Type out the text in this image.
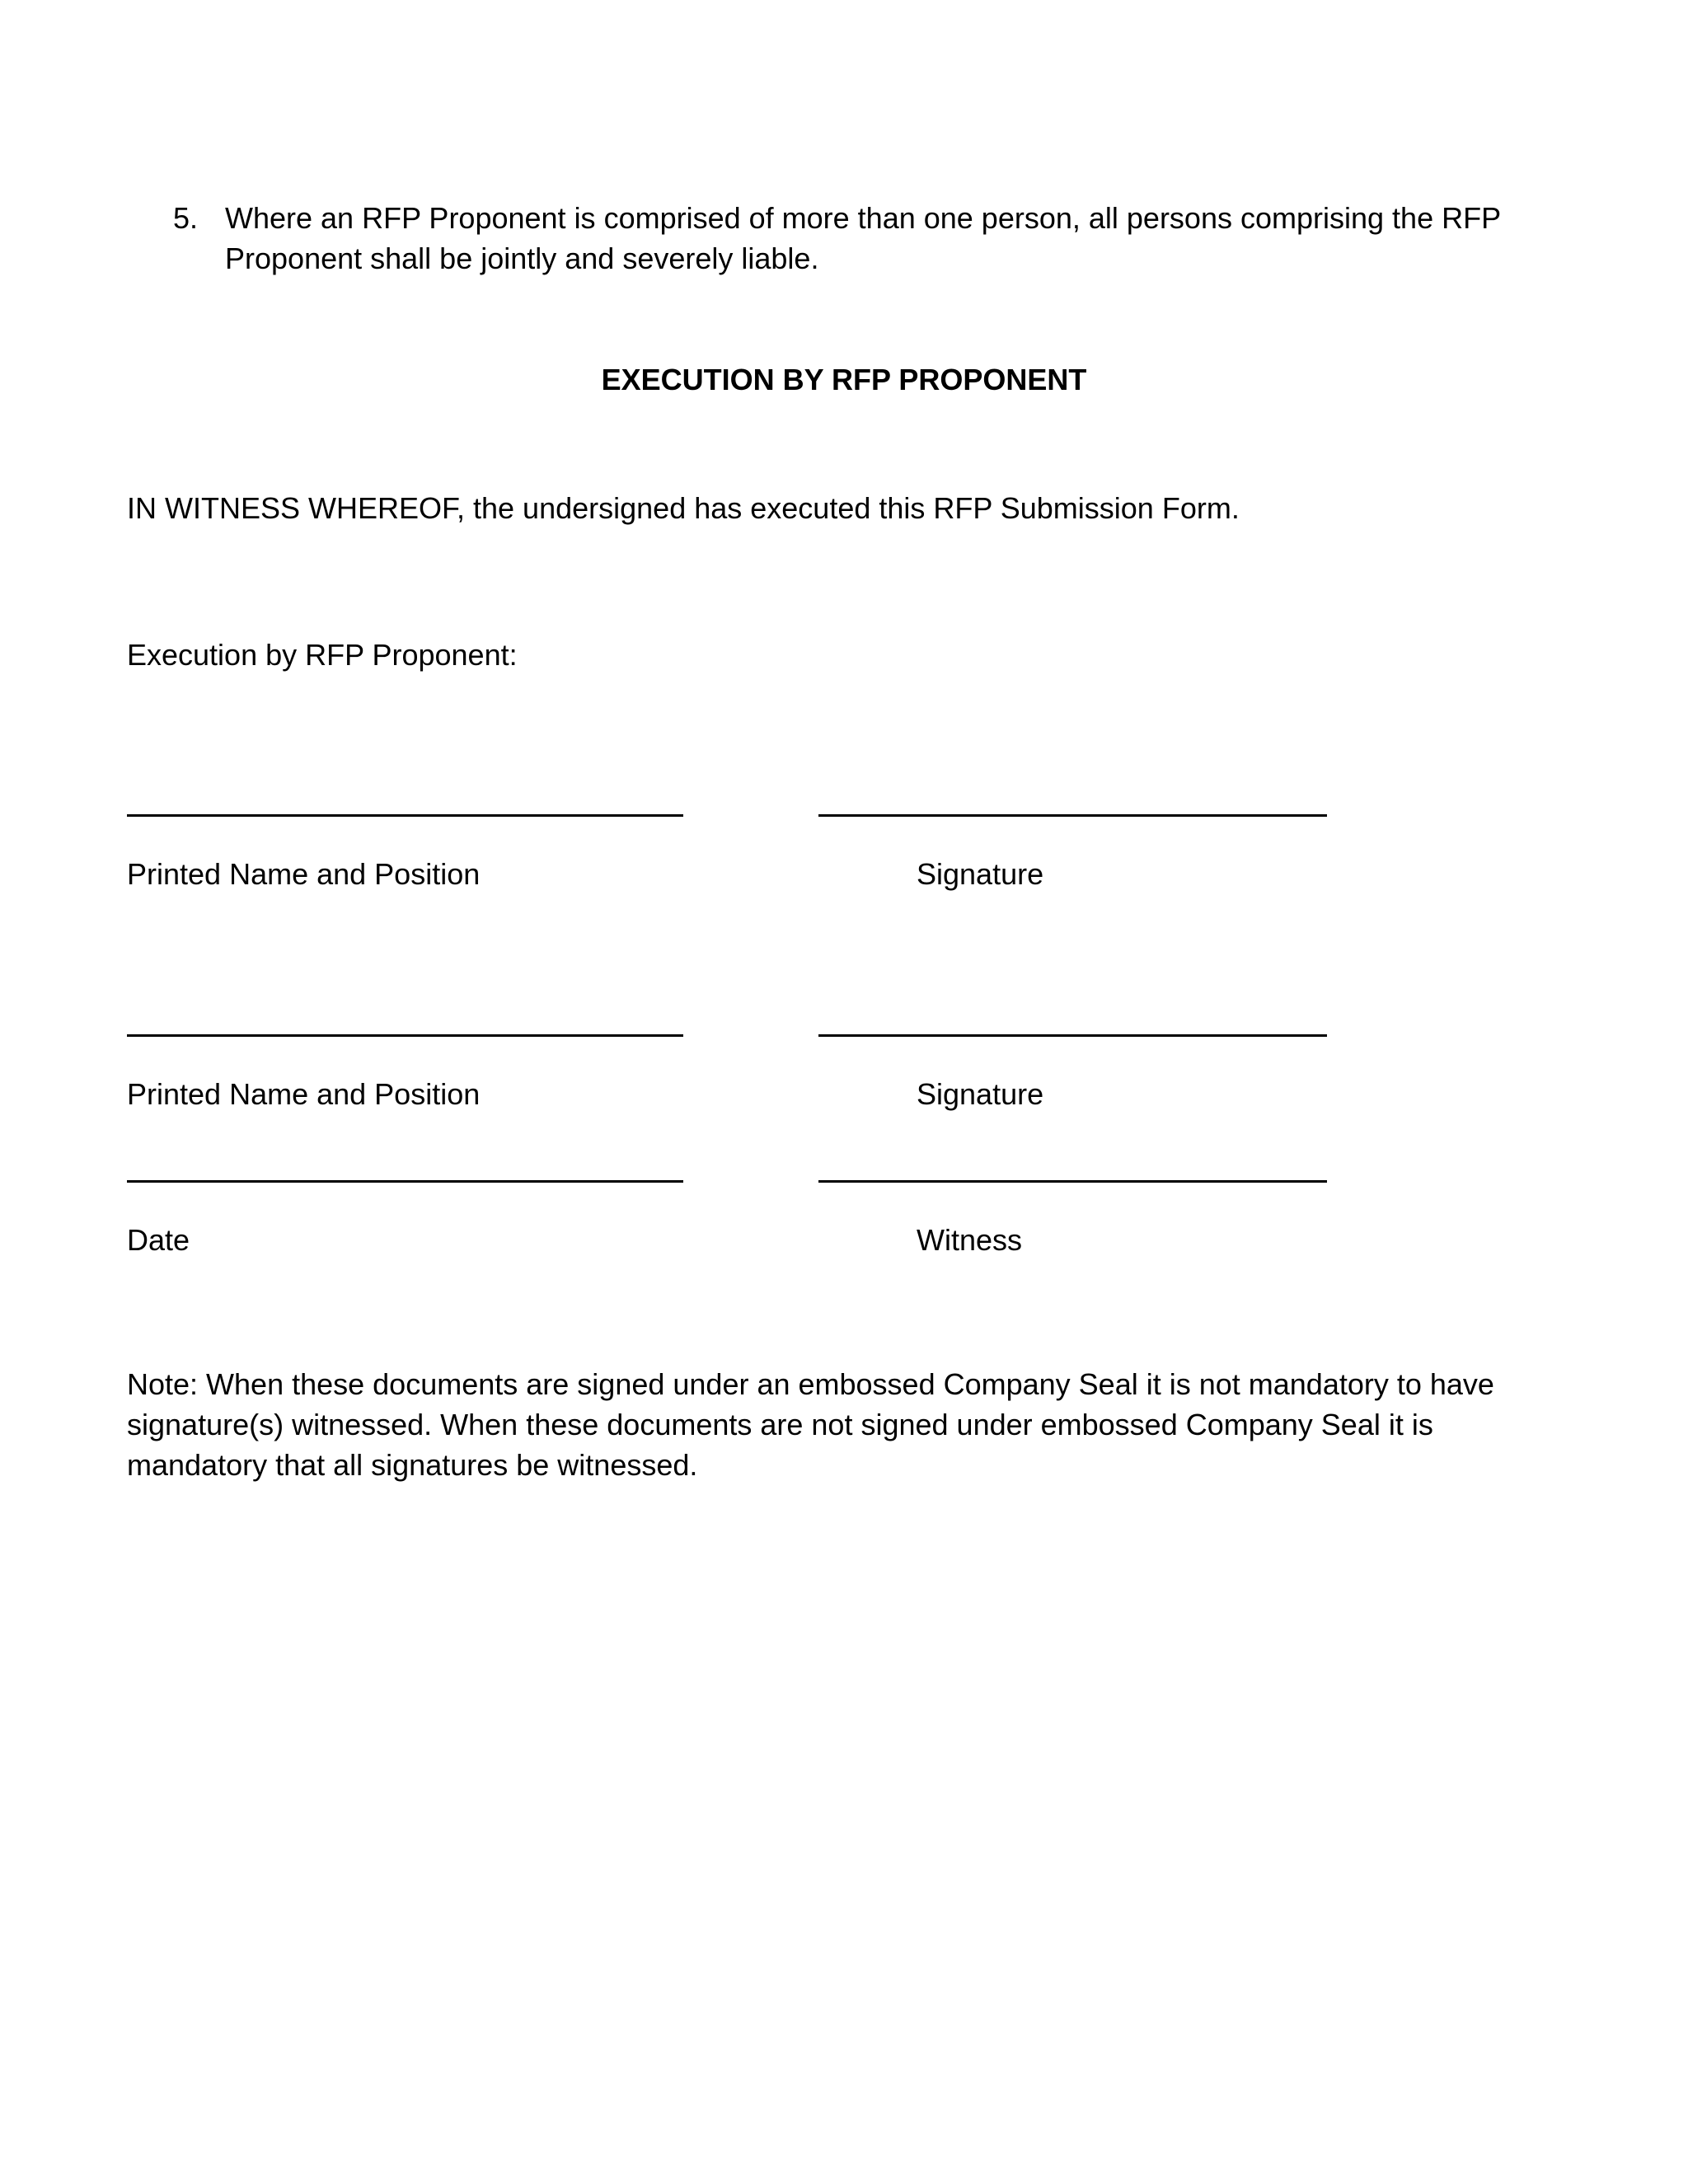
5. Where an RFP Proponent is comprised of more than one person, all persons comprising the RFP Proponent shall be jointly and severely liable.
EXECUTION BY RFP PROPONENT

IN WITNESS WHEREOF, the undersigned has executed this RFP Submission Form.

Execution by RFP Proponent:

Printed Name and Position	Signature

Printed Name and Position	Signature

Date	Witness

Note: When these documents are signed under an embossed Company Seal it is not mandatory to have signature(s) witnessed. When these documents are not signed under embossed Company Seal it is mandatory that all signatures be witnessed.
